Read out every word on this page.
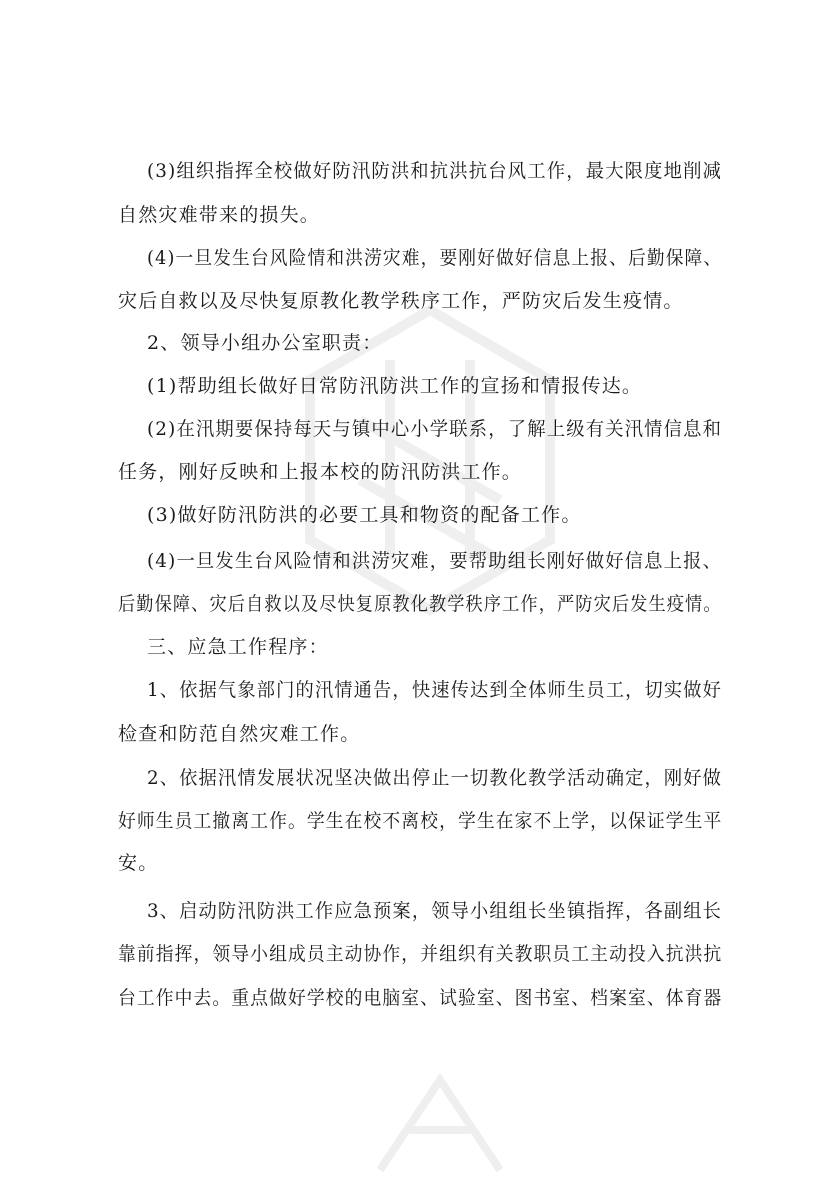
(3)组织指挥全校做好防汛防洪和抗洪抗台风工作，最大限度地削减
自然灾难带来的损失。
(4)一旦发生台风险情和洪涝灾难，要刚好做好信息上报、后勤保障、
灾后自救以及尽快复原教化教学秩序工作，严防灾后发生疫情。
2、领导小组办公室职责：
(1)帮助组长做好日常防汛防洪工作的宣扬和情报传达。
(2)在汛期要保持每天与镇中心小学联系，了解上级有关汛情信息和
任务，刚好反映和上报本校的防汛防洪工作。
(3)做好防汛防洪的必要工具和物资的配备工作。
(4)一旦发生台风险情和洪涝灾难，要帮助组长刚好做好信息上报、
后勤保障、灾后自救以及尽快复原教化教学秩序工作，严防灾后发生疫情。
三、应急工作程序：
1、依据气象部门的汛情通告，快速传达到全体师生员工，切实做好
检查和防范自然灾难工作。
2、依据汛情发展状况坚决做出停止一切教化教学活动确定，刚好做
好师生员工撤离工作。学生在校不离校，学生在家不上学，以保证学生平
安。
3、启动防汛防洪工作应急预案，领导小组组长坐镇指挥，各副组长
靠前指挥，领导小组成员主动协作，并组织有关教职员工主动投入抗洪抗
台工作中去。重点做好学校的电脑室、试验室、图书室、档案室、体育器
